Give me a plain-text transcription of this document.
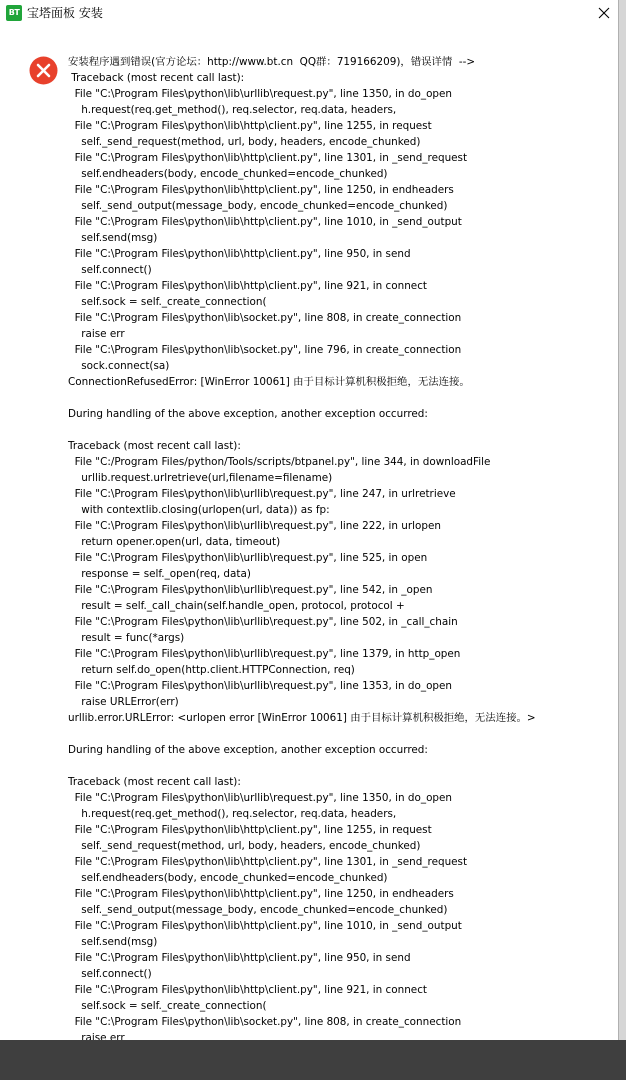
BT 宝塔面板 安装
安装程序遇到错误(官方论坛：http://www.bt.cn  QQ群：719166209)，错误详情  -->
Traceback (most recent call last):
File "C:\Program Files\python\lib\urllib\request.py", line 1350, in do_open
h.request(req.get_method(), req.selector, req.data, headers,
File "C:\Program Files\python\lib\http\client.py", line 1255, in request
self._send_request(method, url, body, headers, encode_chunked)
File "C:\Program Files\python\lib\http\client.py", line 1301, in _send_request
self.endheaders(body, encode_chunked=encode_chunked)
File "C:\Program Files\python\lib\http\client.py", line 1250, in endheaders
self._send_output(message_body, encode_chunked=encode_chunked)
File "C:\Program Files\python\lib\http\client.py", line 1010, in _send_output
self.send(msg)
File "C:\Program Files\python\lib\http\client.py", line 950, in send
self.connect()
File "C:\Program Files\python\lib\http\client.py", line 921, in connect
self.sock = self._create_connection(
File "C:\Program Files\python\lib\socket.py", line 808, in create_connection
raise err
File "C:\Program Files\python\lib\socket.py", line 796, in create_connection
sock.connect(sa)
ConnectionRefusedError: [WinError 10061] 由于目标计算机积极拒绝，无法连接。
During handling of the above exception, another exception occurred:
Traceback (most recent call last):
File "C:/Program Files/python/Tools/scripts/btpanel.py", line 344, in downloadFile
urllib.request.urlretrieve(url,filename=filename)
File "C:\Program Files\python\lib\urllib\request.py", line 247, in urlretrieve
with contextlib.closing(urlopen(url, data)) as fp:
File "C:\Program Files\python\lib\urllib\request.py", line 222, in urlopen
return opener.open(url, data, timeout)
File "C:\Program Files\python\lib\urllib\request.py", line 525, in open
response = self._open(req, data)
File "C:\Program Files\python\lib\urllib\request.py", line 542, in _open
result = self._call_chain(self.handle_open, protocol, protocol +
File "C:\Program Files\python\lib\urllib\request.py", line 502, in _call_chain
result = func(*args)
File "C:\Program Files\python\lib\urllib\request.py", line 1379, in http_open
return self.do_open(http.client.HTTPConnection, req)
File "C:\Program Files\python\lib\urllib\request.py", line 1353, in do_open
raise URLError(err)
urllib.error.URLError: <urlopen error [WinError 10061] 由于目标计算机积极拒绝，无法连接。>
During handling of the above exception, another exception occurred:
Traceback (most recent call last):
File "C:\Program Files\python\lib\urllib\request.py", line 1350, in do_open
h.request(req.get_method(), req.selector, req.data, headers,
File "C:\Program Files\python\lib\http\client.py", line 1255, in request
self._send_request(method, url, body, headers, encode_chunked)
File "C:\Program Files\python\lib\http\client.py", line 1301, in _send_request
self.endheaders(body, encode_chunked=encode_chunked)
File "C:\Program Files\python\lib\http\client.py", line 1250, in endheaders
self._send_output(message_body, encode_chunked=encode_chunked)
File "C:\Program Files\python\lib\http\client.py", line 1010, in _send_output
self.send(msg)
File "C:\Program Files\python\lib\http\client.py", line 950, in send
self.connect()
File "C:\Program Files\python\lib\http\client.py", line 921, in connect
self.sock = self._create_connection(
File "C:\Program Files\python\lib\socket.py", line 808, in create_connection
raise err
